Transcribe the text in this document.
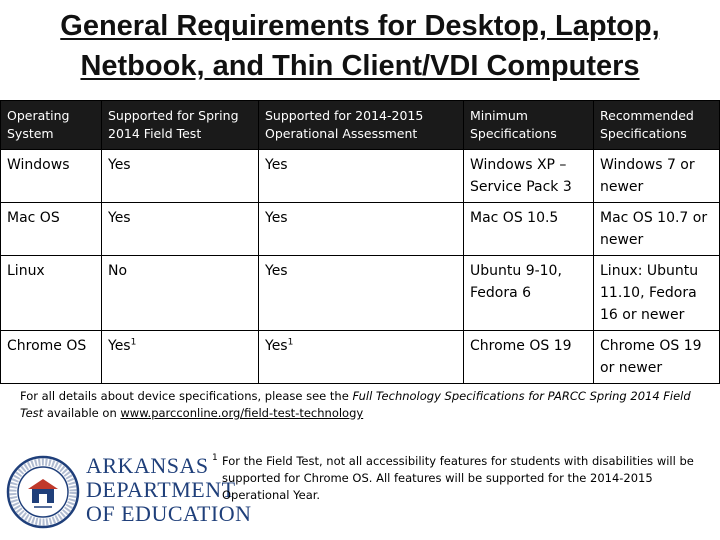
General Requirements for Desktop, Laptop,
Netbook, and Thin Client/VDI Computers
Operating System	Supported for Spring 2014 Field Test	Supported for 2014-2015 Operational Assessment	Minimum Specifications	Recommended Specifications
Windows	Yes	Yes	Windows XP – Service Pack 3	Windows 7 or newer
Mac OS	Yes	Yes	Mac OS 10.5	Mac OS 10.7 or newer
Linux	No	Yes	Ubuntu 9-10, Fedora 6	Linux: Ubuntu 11.10, Fedora 16 or newer
Chrome OS	Yes$^1$	Yes$^1$	Chrome OS 19	Chrome OS 19 or newer
For all details about device specifications, please see the Full Technology Specifications for PARCC Spring 2014 Field Test available on www.parcconline.org/field-test-technology
ARKANSAS
DEPARTMENT
OF EDUCATION
1 For the Field Test, not all accessibility features for students with disabilities will be supported for Chrome OS. All features will be supported for the 2014-2015 Operational Year.
